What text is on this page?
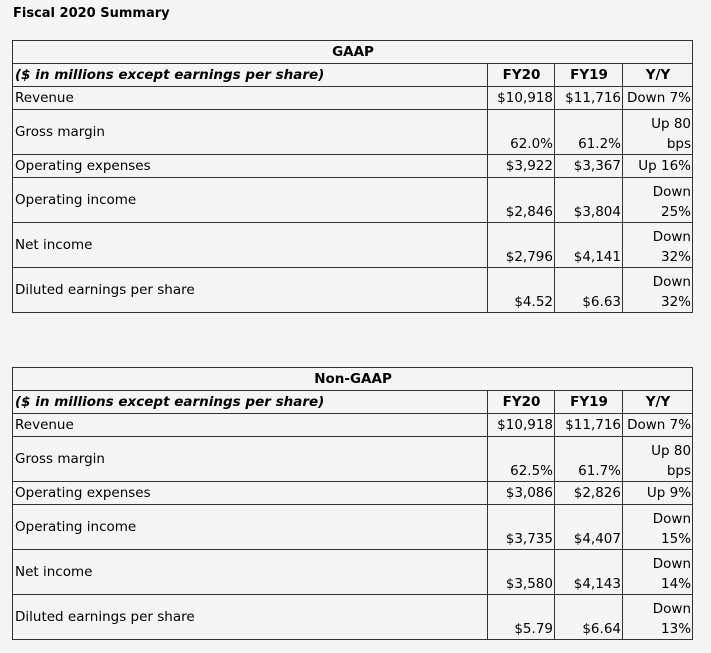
Fiscal 2020 Summary
GAAP			
($ in millions except earnings per share)	FY20	FY19	Y/Y
Revenue	$10,918	$11,716	Down 7%
Gross margin	62.0%	61.2%	Up 80 bps
Operating expenses	$3,922	$3,367	Up 16%
Operating income	$2,846	$3,804	Down 25%
Net income	$2,796	$4,141	Down 32%
Diluted earnings per share	$4.52	$6.63	Down 32%
Non-GAAP			
($ in millions except earnings per share)	FY20	FY19	Y/Y
Revenue	$10,918	$11,716	Down 7%
Gross margin	62.5%	61.7%	Up 80 bps
Operating expenses	$3,086	$2,826	Up 9%
Operating income	$3,735	$4,407	Down 15%
Net income	$3,580	$4,143	Down 14%
Diluted earnings per share	$5.79	$6.64	Down 13%
